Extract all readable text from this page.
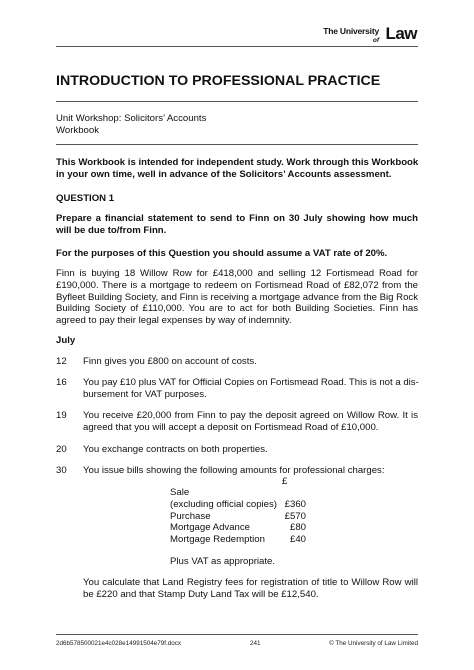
The University
of Law
INTRODUCTION TO PROFESSIONAL PRACTICE
Unit Workshop: Solicitors’ Accounts
Workbook
This Workbook is intended for independent study. Work through this Workbook
in your own time, well in advance of the Solicitors’ Accounts assessment.
QUESTION 1
Prepare a financial statement to send to Finn on 30 July showing how much
will be due to/from Finn.
For the purposes of this Question you should assume a VAT rate of 20%.
Finn is buying 18 Willow Row for £418,000 and selling 12 Fortismead Road for
£190,000. There is a mortgage to redeem on Fortismead Road of £82,072 from the
Byfleet Building Society, and Finn is receiving a mortgage advance from the Big Rock
Building Society of £110,000. You are to act for both Building Societies. Finn has
agreed to pay their legal expenses by way of indemnity.
July
12 Finn gives you £800 on account of costs.
16 You pay £10 plus VAT for Official Copies on Fortismead Road. This is not a dis-
bursement for VAT purposes.
19 You receive £20,000 from Finn to pay the deposit agreed on Willow Row. It is
agreed that you will accept a deposit on Fortismead Road of £10,000.
20 You exchange contracts on both properties.
30 You issue bills showing the following amounts for professional charges:
£
Sale
(excluding official copies) £360
Purchase	£570
Mortgage Advance	£80
Mortgage Redemption	£40
Plus VAT as appropriate.
You calculate that Land Registry fees for registration of title to Willow Row will
be £220 and that Stamp Duty Land Tax will be £12,540.
2d6b578500021e4c028e14991504e79f.docx	241	© The University of Law Limited
